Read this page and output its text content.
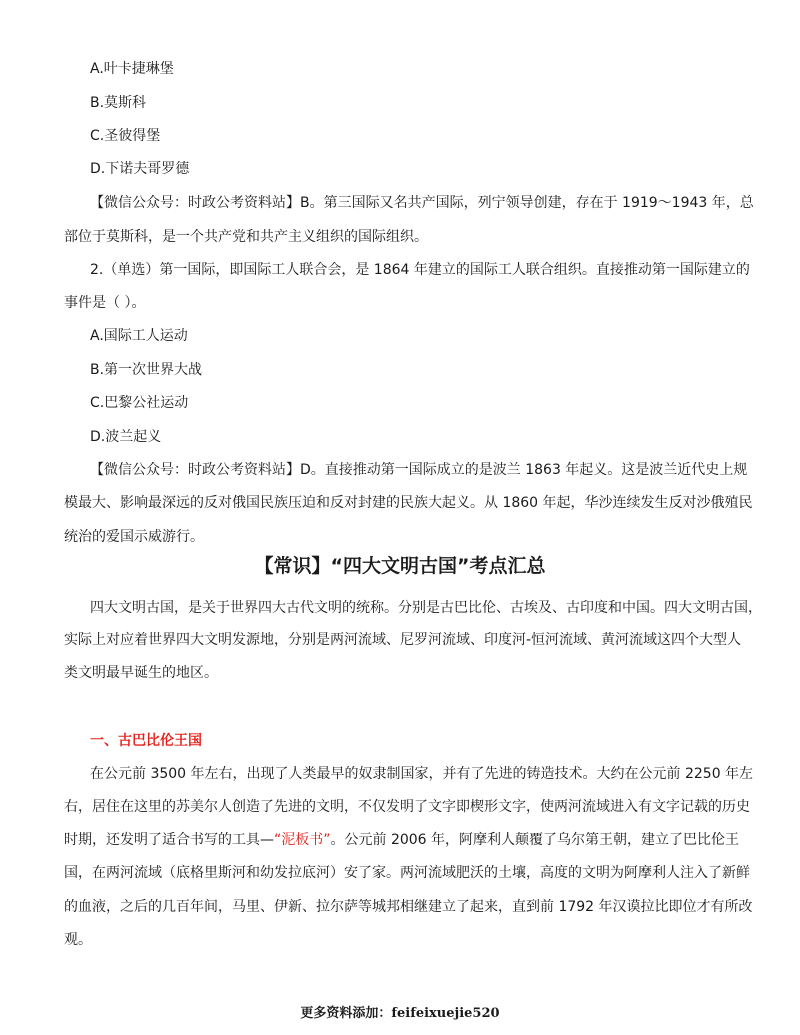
A.叶卡捷琳堡
B.莫斯科
C.圣彼得堡
D.下诺夫哥罗德
【微信公众号：时政公考资料站】B。第三国际又名共产国际，列宁领导创建，存在于 1919～1943 年，总
部位于莫斯科，是一个共产党和共产主义组织的国际组织。
2.（单选）第一国际，即国际工人联合会，是 1864 年建立的国际工人联合组织。直接推动第一国际建立的
事件是（ ）。
A.国际工人运动
B.第一次世界大战
C.巴黎公社运动
D.波兰起义
【微信公众号：时政公考资料站】D。直接推动第一国际成立的是波兰 1863 年起义。这是波兰近代史上规
模最大、影响最深远的反对俄国民族压迫和反对封建的民族大起义。从 1860 年起，华沙连续发生反对沙俄殖民
统治的爱国示威游行。
【常识】“四大文明古国”考点汇总
四大文明古国，是关于世界四大古代文明的统称。分别是古巴比伦、古埃及、古印度和中国。四大文明古国，
实际上对应着世界四大文明发源地，分别是两河流域、尼罗河流域、印度河-恒河流域、黄河流域这四个大型人
类文明最早诞生的地区。
一、古巴比伦王国
在公元前 3500 年左右，出现了人类最早的奴隶制国家，并有了先进的铸造技术。大约在公元前 2250 年左
右，居住在这里的苏美尔人创造了先进的文明，不仅发明了文字即楔形文字，使两河流域进入有文字记载的历史
时期，还发明了适合书写的工具—“泥板书”。公元前 2006 年，阿摩利人颠覆了乌尔第王朝，建立了巴比伦王
国，在两河流域（底格里斯河和幼发拉底河）安了家。两河流域肥沃的土壤，高度的文明为阿摩利人注入了新鲜
的血液，之后的几百年间，马里、伊新、拉尔萨等城邦相继建立了起来，直到前 1792 年汉谟拉比即位才有所改
观。
更多资料添加：feifeixuejie520
